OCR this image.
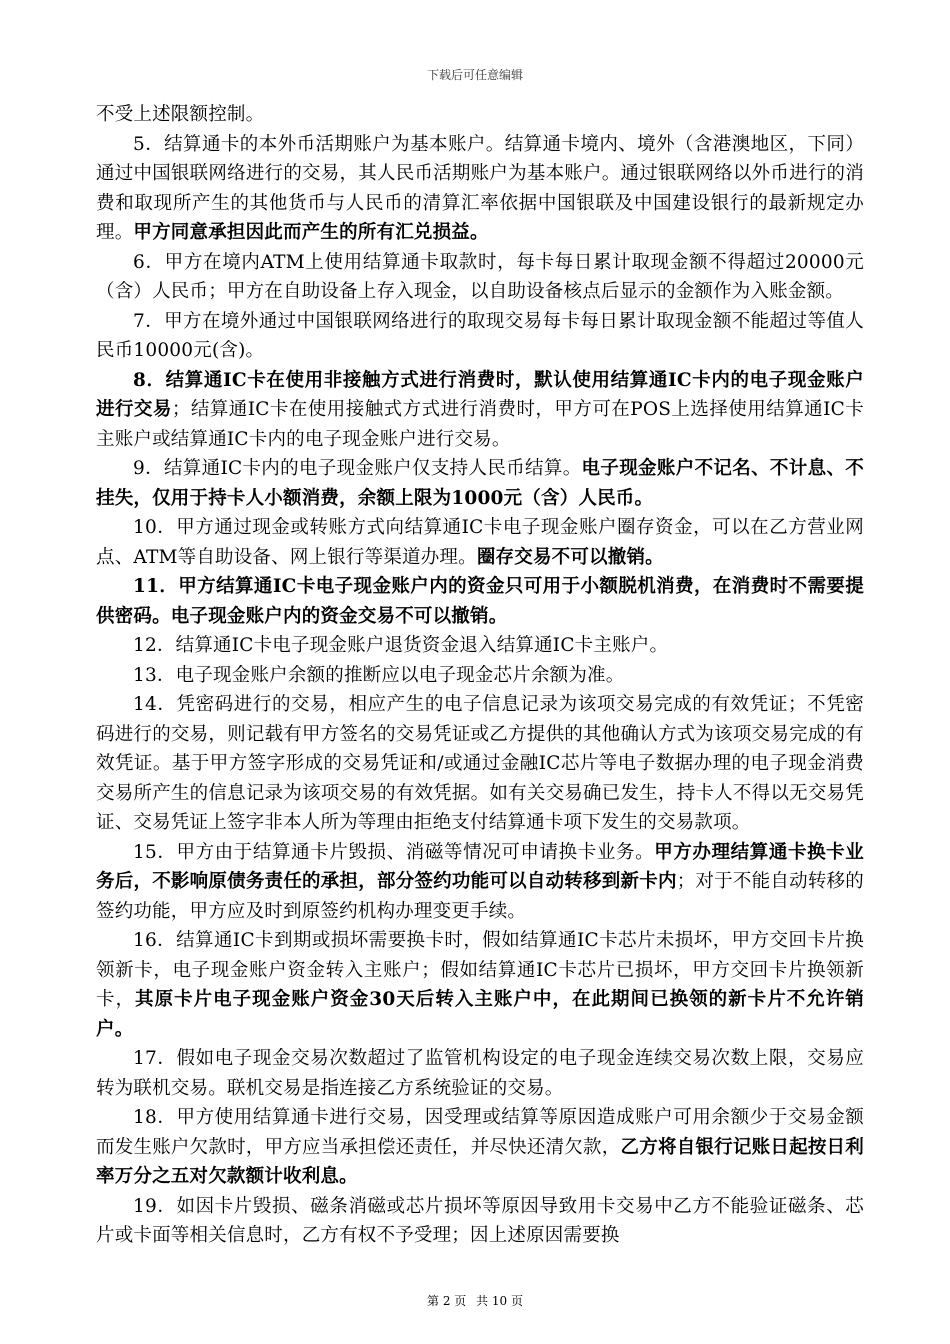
下载后可任意编辑

不受上述限额控制。

5．结算通卡的本外币活期账户为基本账户。结算通卡境内、境外（含港澳地区，下同）通过中国银联网络进行的交易，其人民币活期账户为基本账户。通过银联网络以外币进行的消费和取现所产生的其他货币与人民币的清算汇率依据中国银联及中国建设银行的最新规定办理。甲方同意承担因此而产生的所有汇兑损益。

6．甲方在境内ATM上使用结算通卡取款时，每卡每日累计取现金额不得超过20000元（含）人民币；甲方在自助设备上存入现金，以自助设备核点后显示的金额作为入账金额。

7．甲方在境外通过中国银联网络进行的取现交易每卡每日累计取现金额不能超过等值人民币10000元(含)。

8．结算通IC卡在使用非接触方式进行消费时，默认使用结算通IC卡内的电子现金账户进行交易；结算通IC卡在使用接触式方式进行消费时，甲方可在POS上选择使用结算通IC卡主账户或结算通IC卡内的电子现金账户进行交易。

9．结算通IC卡内的电子现金账户仅支持人民币结算。电子现金账户不记名、不计息、不挂失，仅用于持卡人小额消费，余额上限为1000元（含）人民币。

10．甲方通过现金或转账方式向结算通IC卡电子现金账户圈存资金，可以在乙方营业网点、ATM等自助设备、网上银行等渠道办理。圈存交易不可以撤销。

11．甲方结算通IC卡电子现金账户内的资金只可用于小额脱机消费，在消费时不需要提供密码。电子现金账户内的资金交易不可以撤销。

12．结算通IC卡电子现金账户退货资金退入结算通IC卡主账户。

13．电子现金账户余额的推断应以电子现金芯片余额为准。

14．凭密码进行的交易，相应产生的电子信息记录为该项交易完成的有效凭证；不凭密码进行的交易，则记载有甲方签名的交易凭证或乙方提供的其他确认方式为该项交易完成的有效凭证。基于甲方签字形成的交易凭证和/或通过金融IC芯片等电子数据办理的电子现金消费交易所产生的信息记录为该项交易的有效凭据。如有关交易确已发生，持卡人不得以无交易凭证、交易凭证上签字非本人所为等理由拒绝支付结算通卡项下发生的交易款项。

15．甲方由于结算通卡片毁损、消磁等情况可申请换卡业务。甲方办理结算通卡换卡业务后，不影响原债务责任的承担，部分签约功能可以自动转移到新卡内；对于不能自动转移的签约功能，甲方应及时到原签约机构办理变更手续。

16．结算通IC卡到期或损坏需要换卡时，假如结算通IC卡芯片未损坏，甲方交回卡片换领新卡，电子现金账户资金转入主账户；假如结算通IC卡芯片已损坏，甲方交回卡片换领新卡，其原卡片电子现金账户资金30天后转入主账户中，在此期间已换领的新卡片不允许销户。

17．假如电子现金交易次数超过了监管机构设定的电子现金连续交易次数上限，交易应转为联机交易。联机交易是指连接乙方系统验证的交易。

18．甲方使用结算通卡进行交易，因受理或结算等原因造成账户可用余额少于交易金额而发生账户欠款时，甲方应当承担偿还责任，并尽快还清欠款，乙方将自银行记账日起按日利率万分之五对欠款额计收利息。

19．如因卡片毁损、磁条消磁或芯片损坏等原因导致用卡交易中乙方不能验证磁条、芯片或卡面等相关信息时，乙方有权不予受理；因上述原因需要换

第 2 页 共 10 页
